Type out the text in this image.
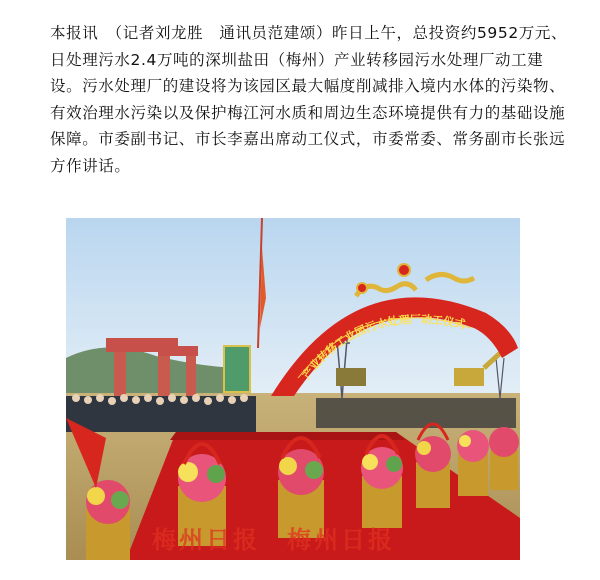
本报讯　（记者刘龙胜　通讯员范建颂）昨日上午，总投资约5952万元、日处理污水2.4万吨的深圳盐田（梅州）产业转移园污水处理厂动工建设。污水处理厂的建设将为该园区最大幅度削减排入境内水体的污染物、有效治理水污染以及保护梅江河水质和周边生态环境提供有力的基础设施保障。市委副书记、市长李嘉出席动工仪式，市委常委、常务副市长张远方作讲话。

产业转移工业园污水处理厂动工仪式
梅州日报　梅州日报
